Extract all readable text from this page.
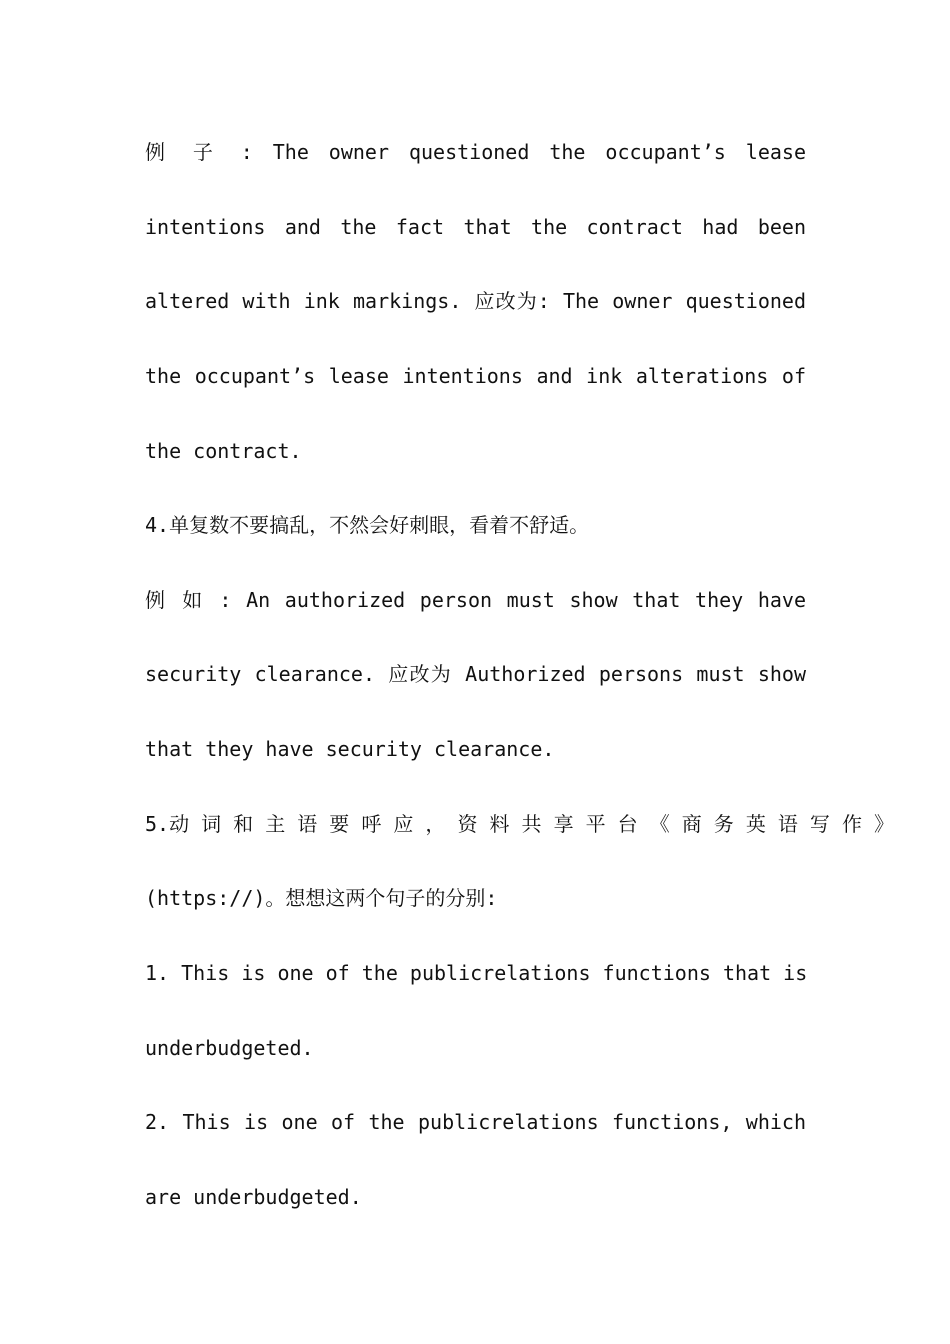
例 子 : The owner questioned the occupant’s lease
intentions and the fact that the contract had been
altered with ink markings. 应改为: The owner questioned
the occupant’s lease intentions and ink alterations of
the contract.
4.单复数不要搞乱，不然会好刺眼，看着不舒适。
例 如 : An authorized person must show that they have
security clearance. 应改为 Authorized persons must show
that they have security clearance.
5.动 词 和 主 语 要 呼 应 ， 资 料 共 享 平 台 《 商 务 英 语 写 作 》
(https://)。想想这两个句子的分别:
1. This is one of the publicrelations functions that is
underbudgeted.
2. This is one of the publicrelations functions, which
are underbudgeted.
